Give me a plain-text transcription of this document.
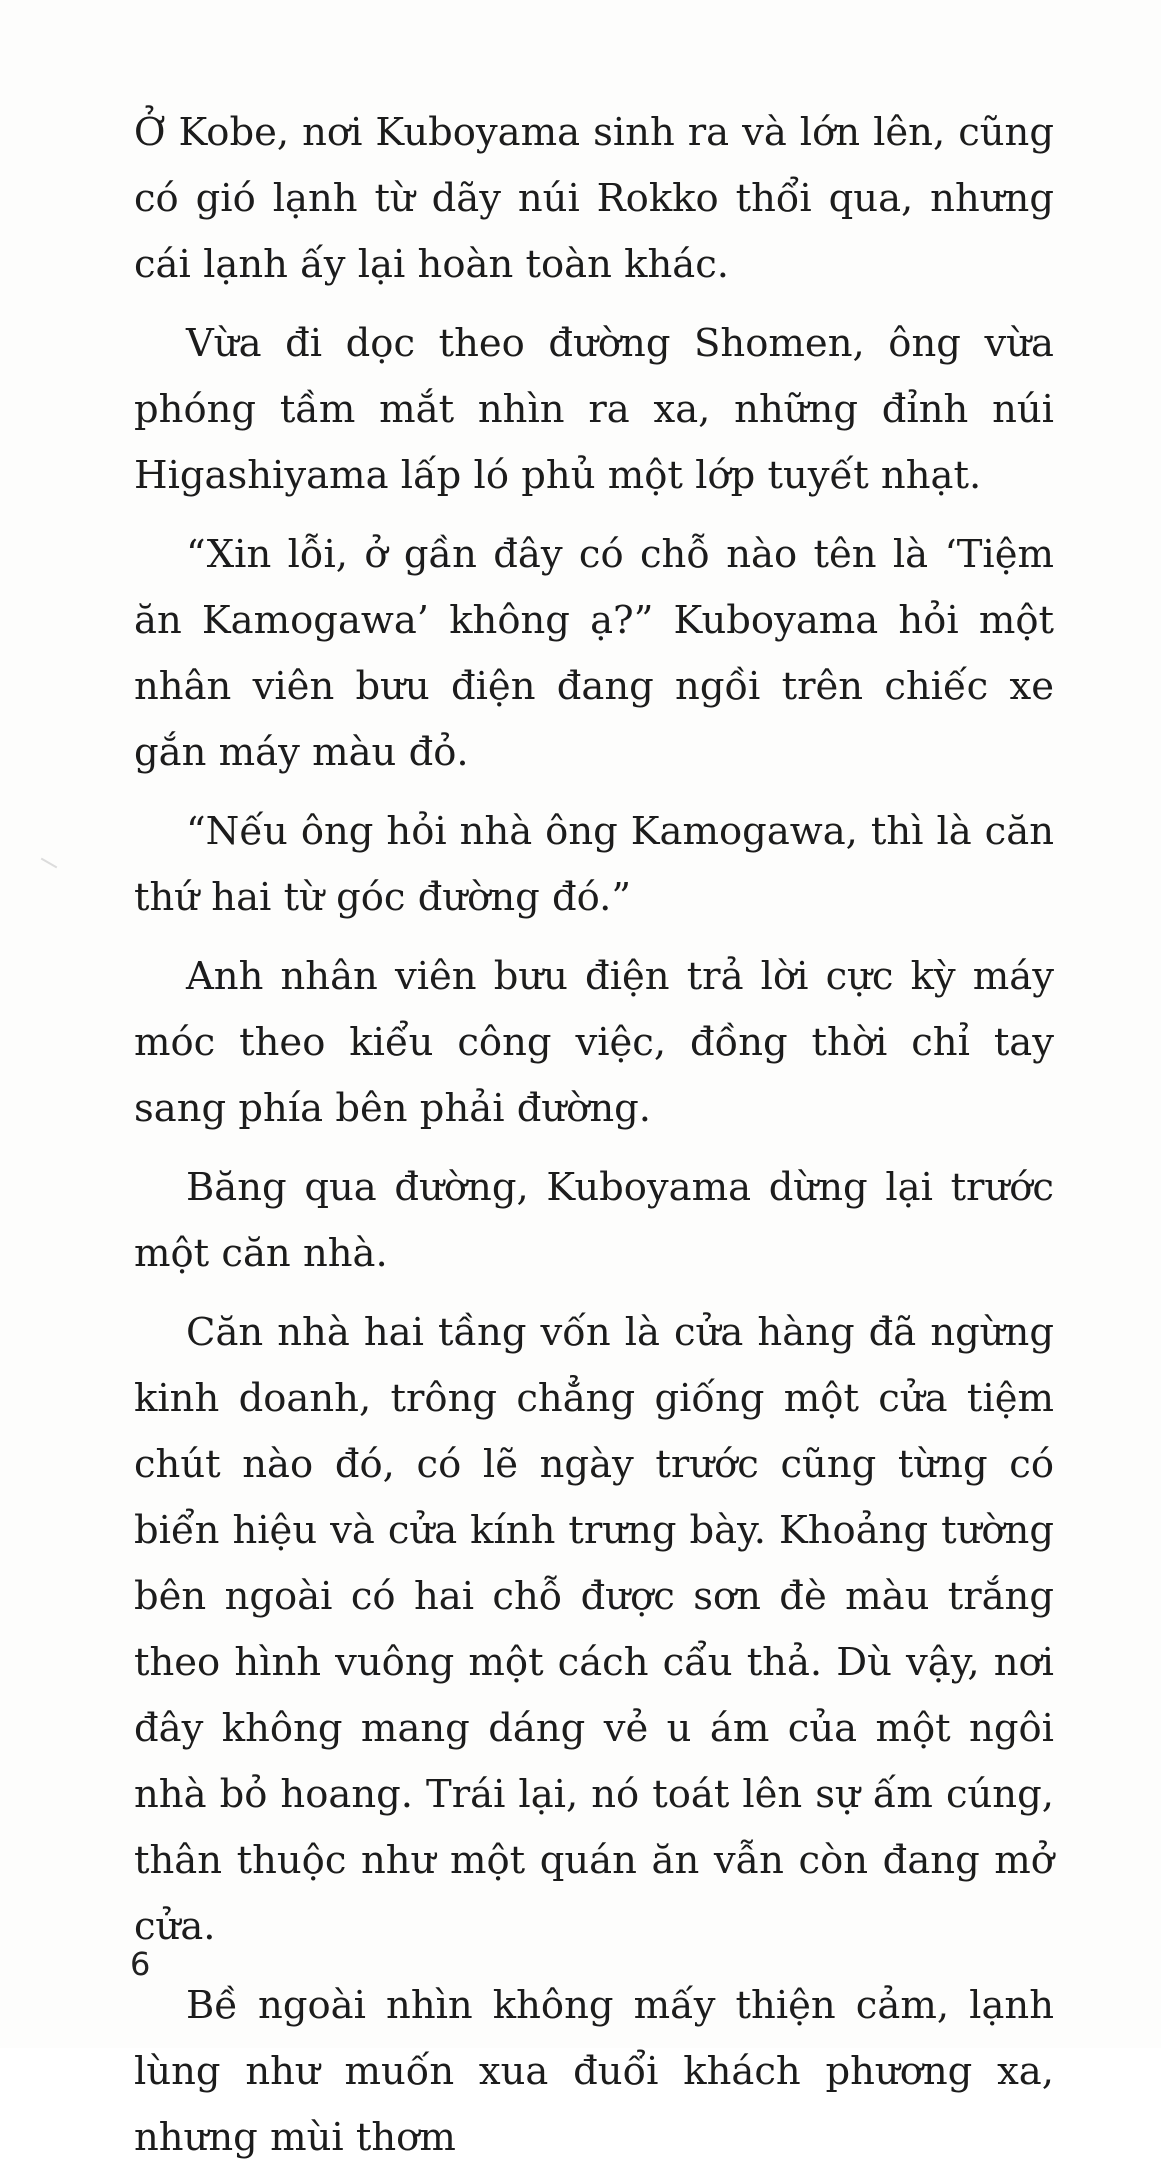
Ở Kobe, nơi Kuboyama sinh ra và lớn lên, cũng có gió lạnh từ dãy núi Rokko thổi qua, nhưng cái lạnh ấy lại hoàn toàn khác.

Vừa đi dọc theo đường Shomen, ông vừa phóng tầm mắt nhìn ra xa, những đỉnh núi Higashiyama lấp ló phủ một lớp tuyết nhạt.

“Xin lỗi, ở gần đây có chỗ nào tên là ‘Tiệm ăn Kamogawa’ không ạ?” Kuboyama hỏi một nhân viên bưu điện đang ngồi trên chiếc xe gắn máy màu đỏ.

“Nếu ông hỏi nhà ông Kamogawa, thì là căn thứ hai từ góc đường đó.”

Anh nhân viên bưu điện trả lời cực kỳ máy móc theo kiểu công việc, đồng thời chỉ tay sang phía bên phải đường.

Băng qua đường, Kuboyama dừng lại trước một căn nhà.

Căn nhà hai tầng vốn là cửa hàng đã ngừng kinh doanh, trông chẳng giống một cửa tiệm chút nào đó, có lẽ ngày trước cũng từng có biển hiệu và cửa kính trưng bày. Khoảng tường bên ngoài có hai chỗ được sơn đè màu trắng theo hình vuông một cách cẩu thả. Dù vậy, nơi đây không mang dáng vẻ u ám của một ngôi nhà bỏ hoang. Trái lại, nó toát lên sự ấm cúng, thân thuộc như một quán ăn vẫn còn đang mở cửa.

Bề ngoài nhìn không mấy thiện cảm, lạnh lùng như muốn xua đuổi khách phương xa, nhưng mùi thơm

6
